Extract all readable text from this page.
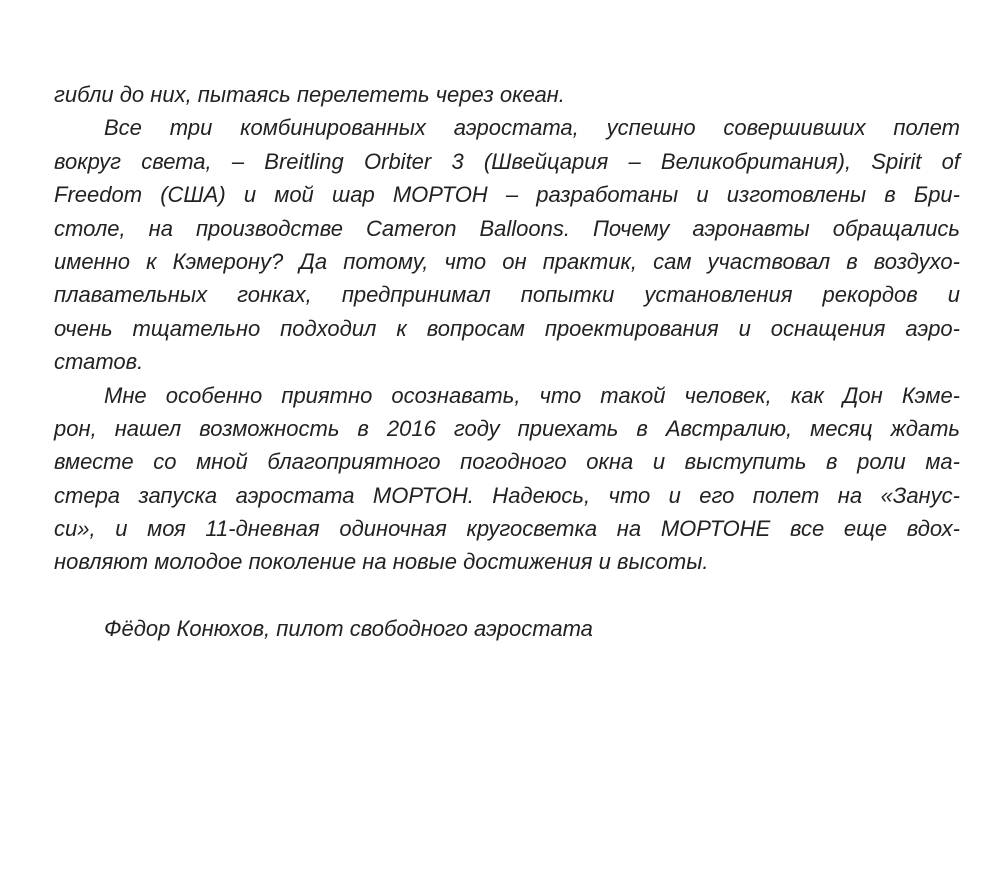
гибли до них, пытаясь перелететь через океан.
Все три комбинированных аэростата, успешно совершивших полет
вокруг света, – Breitling Orbiter 3 (Швейцария – Великобритания), Spirit of
Freedom (США) и мой шар МОРТОН – разработаны и изготовлены в Бри-
столе, на производстве Cameron Balloons. Почему аэронавты обращались
именно к Кэмерону? Да потому, что он практик, сам участвовал в воздухо-
плавательных гонках, предпринимал попытки установления рекордов и
очень тщательно подходил к вопросам проектирования и оснащения аэро-
статов.
Мне особенно приятно осознавать, что такой человек, как Дон Кэме-
рон, нашел возможность в 2016 году приехать в Австралию, месяц ждать
вместе со мной благоприятного погодного окна и выступить в роли ма-
стера запуска аэростата МОРТОН. Надеюсь, что и его полет на «Занус-
си», и моя 11-дневная одиночная кругосветка на МОРТОНЕ все еще вдох-
новляют молодое поколение на новые достижения и высоты.
Фёдор Конюхов, пилот свободного аэростата
